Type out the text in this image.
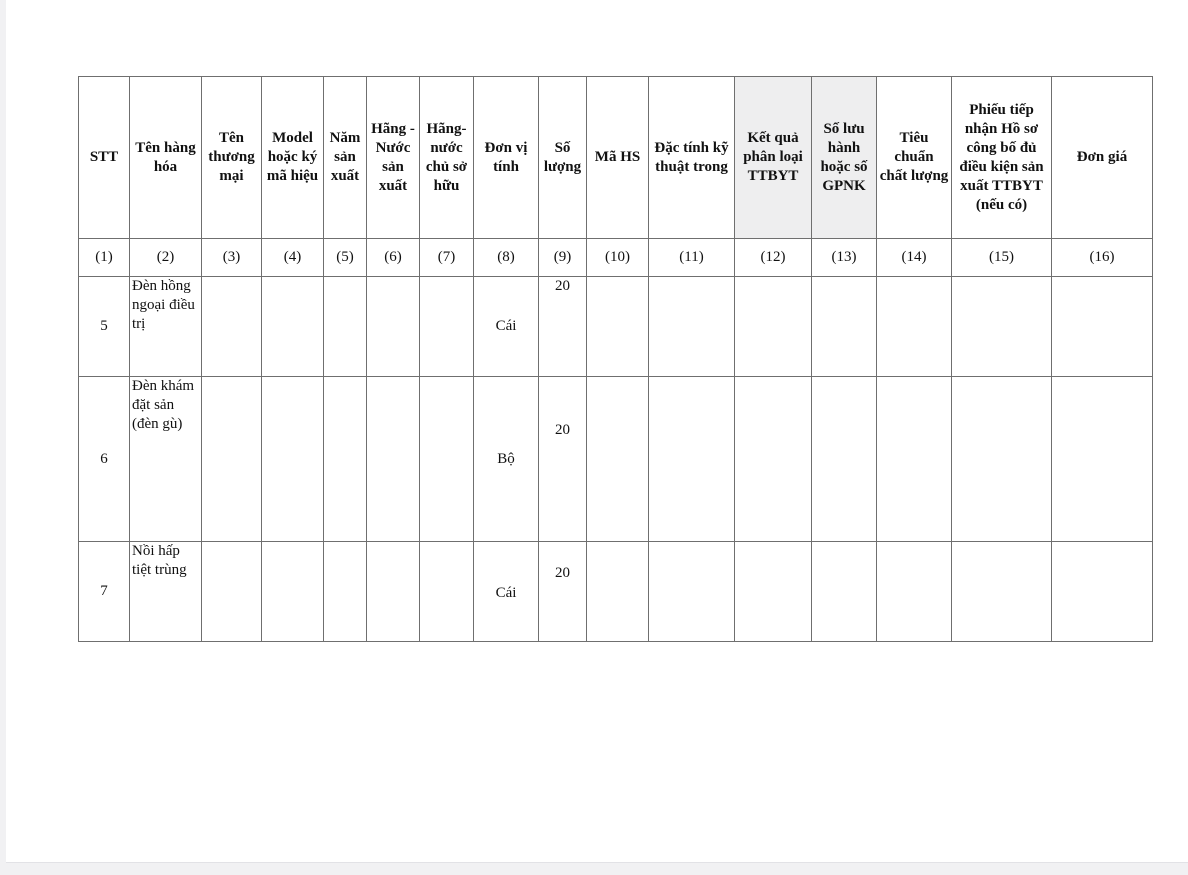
STT	Tên hàng hóa	Tên thương mại	Model hoặc ký mã hiệu	Năm sản xuất	Hãng - Nước sản xuất	Hãng- nước chủ sở hữu	Đơn vị tính	Số lượng	Mã HS	Đặc tính kỹ thuật trong	Kết quả phân loại TTBYT	Số lưu hành hoặc số GPNK	Tiêu chuẩn chất lượng	Phiếu tiếp nhận Hồ sơ công bố đủ điều kiện sản xuất TTBYT (nếu có)	Đơn giá
(1)	(2)	(3)	(4)	(5)	(6)	(7)	(8)	(9)	(10)	(11)	(12)	(13)	(14)	(15)	(16)
5	Đèn hồng ngoại điều trị						Cái	20							
6	Đèn khám đặt sản (đèn gù)						Bộ	20							
7	Nồi hấp tiệt trùng						Cái	20							
